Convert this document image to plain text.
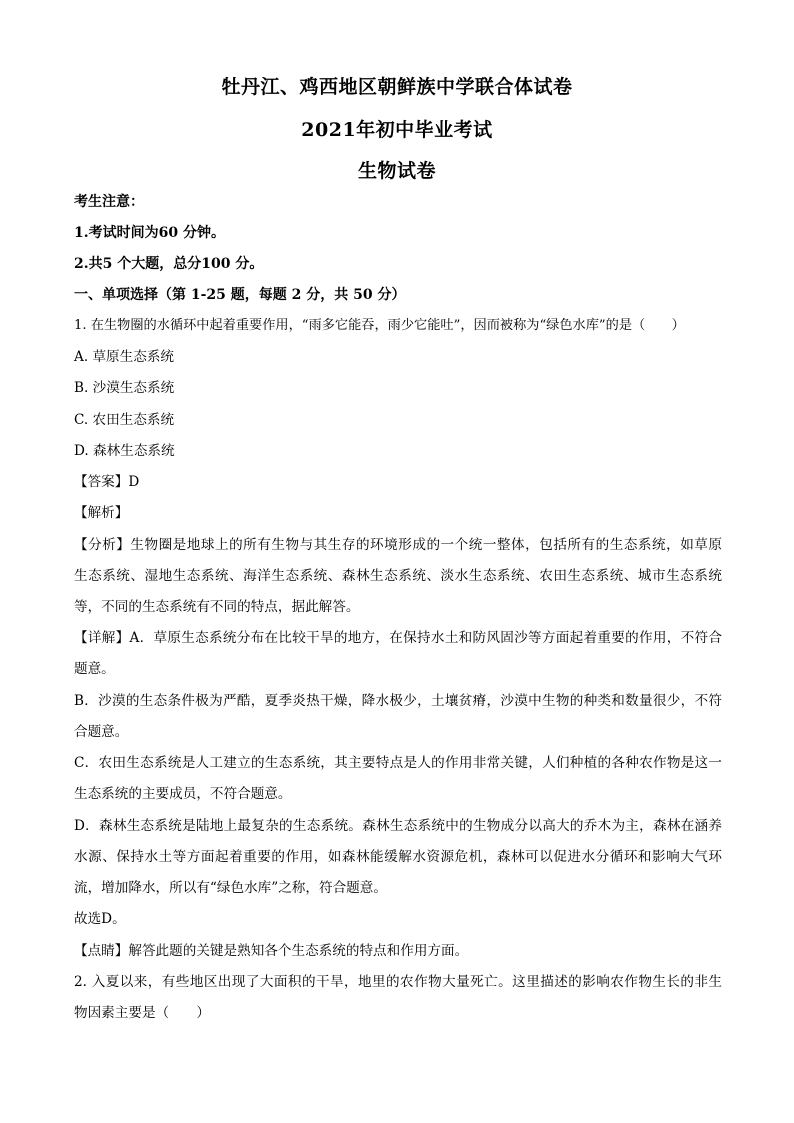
牡丹江、鸡西地区朝鲜族中学联合体试卷
2021年初中毕业考试
生物试卷
考生注意：
1.考试时间为60 分钟。
2.共5 个大题，总分100 分。
一、单项选择（第 1-25 题，每题 2 分，共 50 分）
1. 在生物圈的水循环中起着重要作用，“雨多它能吞，雨少它能吐”，因而被称为“绿色水库”的是（　　）
A. 草原生态系统
B. 沙漠生态系统
C. 农田生态系统
D. 森林生态系统
【答案】D
【解析】
【分析】生物圈是地球上的所有生物与其生存的环境形成的一个统一整体，包括所有的生态系统，如草原
生态系统、湿地生态系统、海洋生态系统、森林生态系统、淡水生态系统、农田生态系统、城市生态系统
等，不同的生态系统有不同的特点，据此解答。
【详解】A．草原生态系统分布在比较干旱的地方，在保持水土和防风固沙等方面起着重要的作用，不符合
题意。
B．沙漠的生态条件极为严酷，夏季炎热干燥，降水极少，土壤贫瘠，沙漠中生物的种类和数量很少，不符
合题意。
C．农田生态系统是人工建立的生态系统，其主要特点是人的作用非常关键，人们种植的各种农作物是这一
生态系统的主要成员，不符合题意。
D．森林生态系统是陆地上最复杂的生态系统。森林生态系统中的生物成分以高大的乔木为主，森林在涵养
水源、保持水土等方面起着重要的作用，如森林能缓解水资源危机，森林可以促进水分循环和影响大气环
流，增加降水，所以有“绿色水库”之称，符合题意。
故选D。
【点睛】解答此题的关键是熟知各个生态系统的特点和作用方面。
2. 入夏以来，有些地区出现了大面积的干旱，地里的农作物大量死亡。这里描述的影响农作物生长的非生
物因素主要是（　　）
